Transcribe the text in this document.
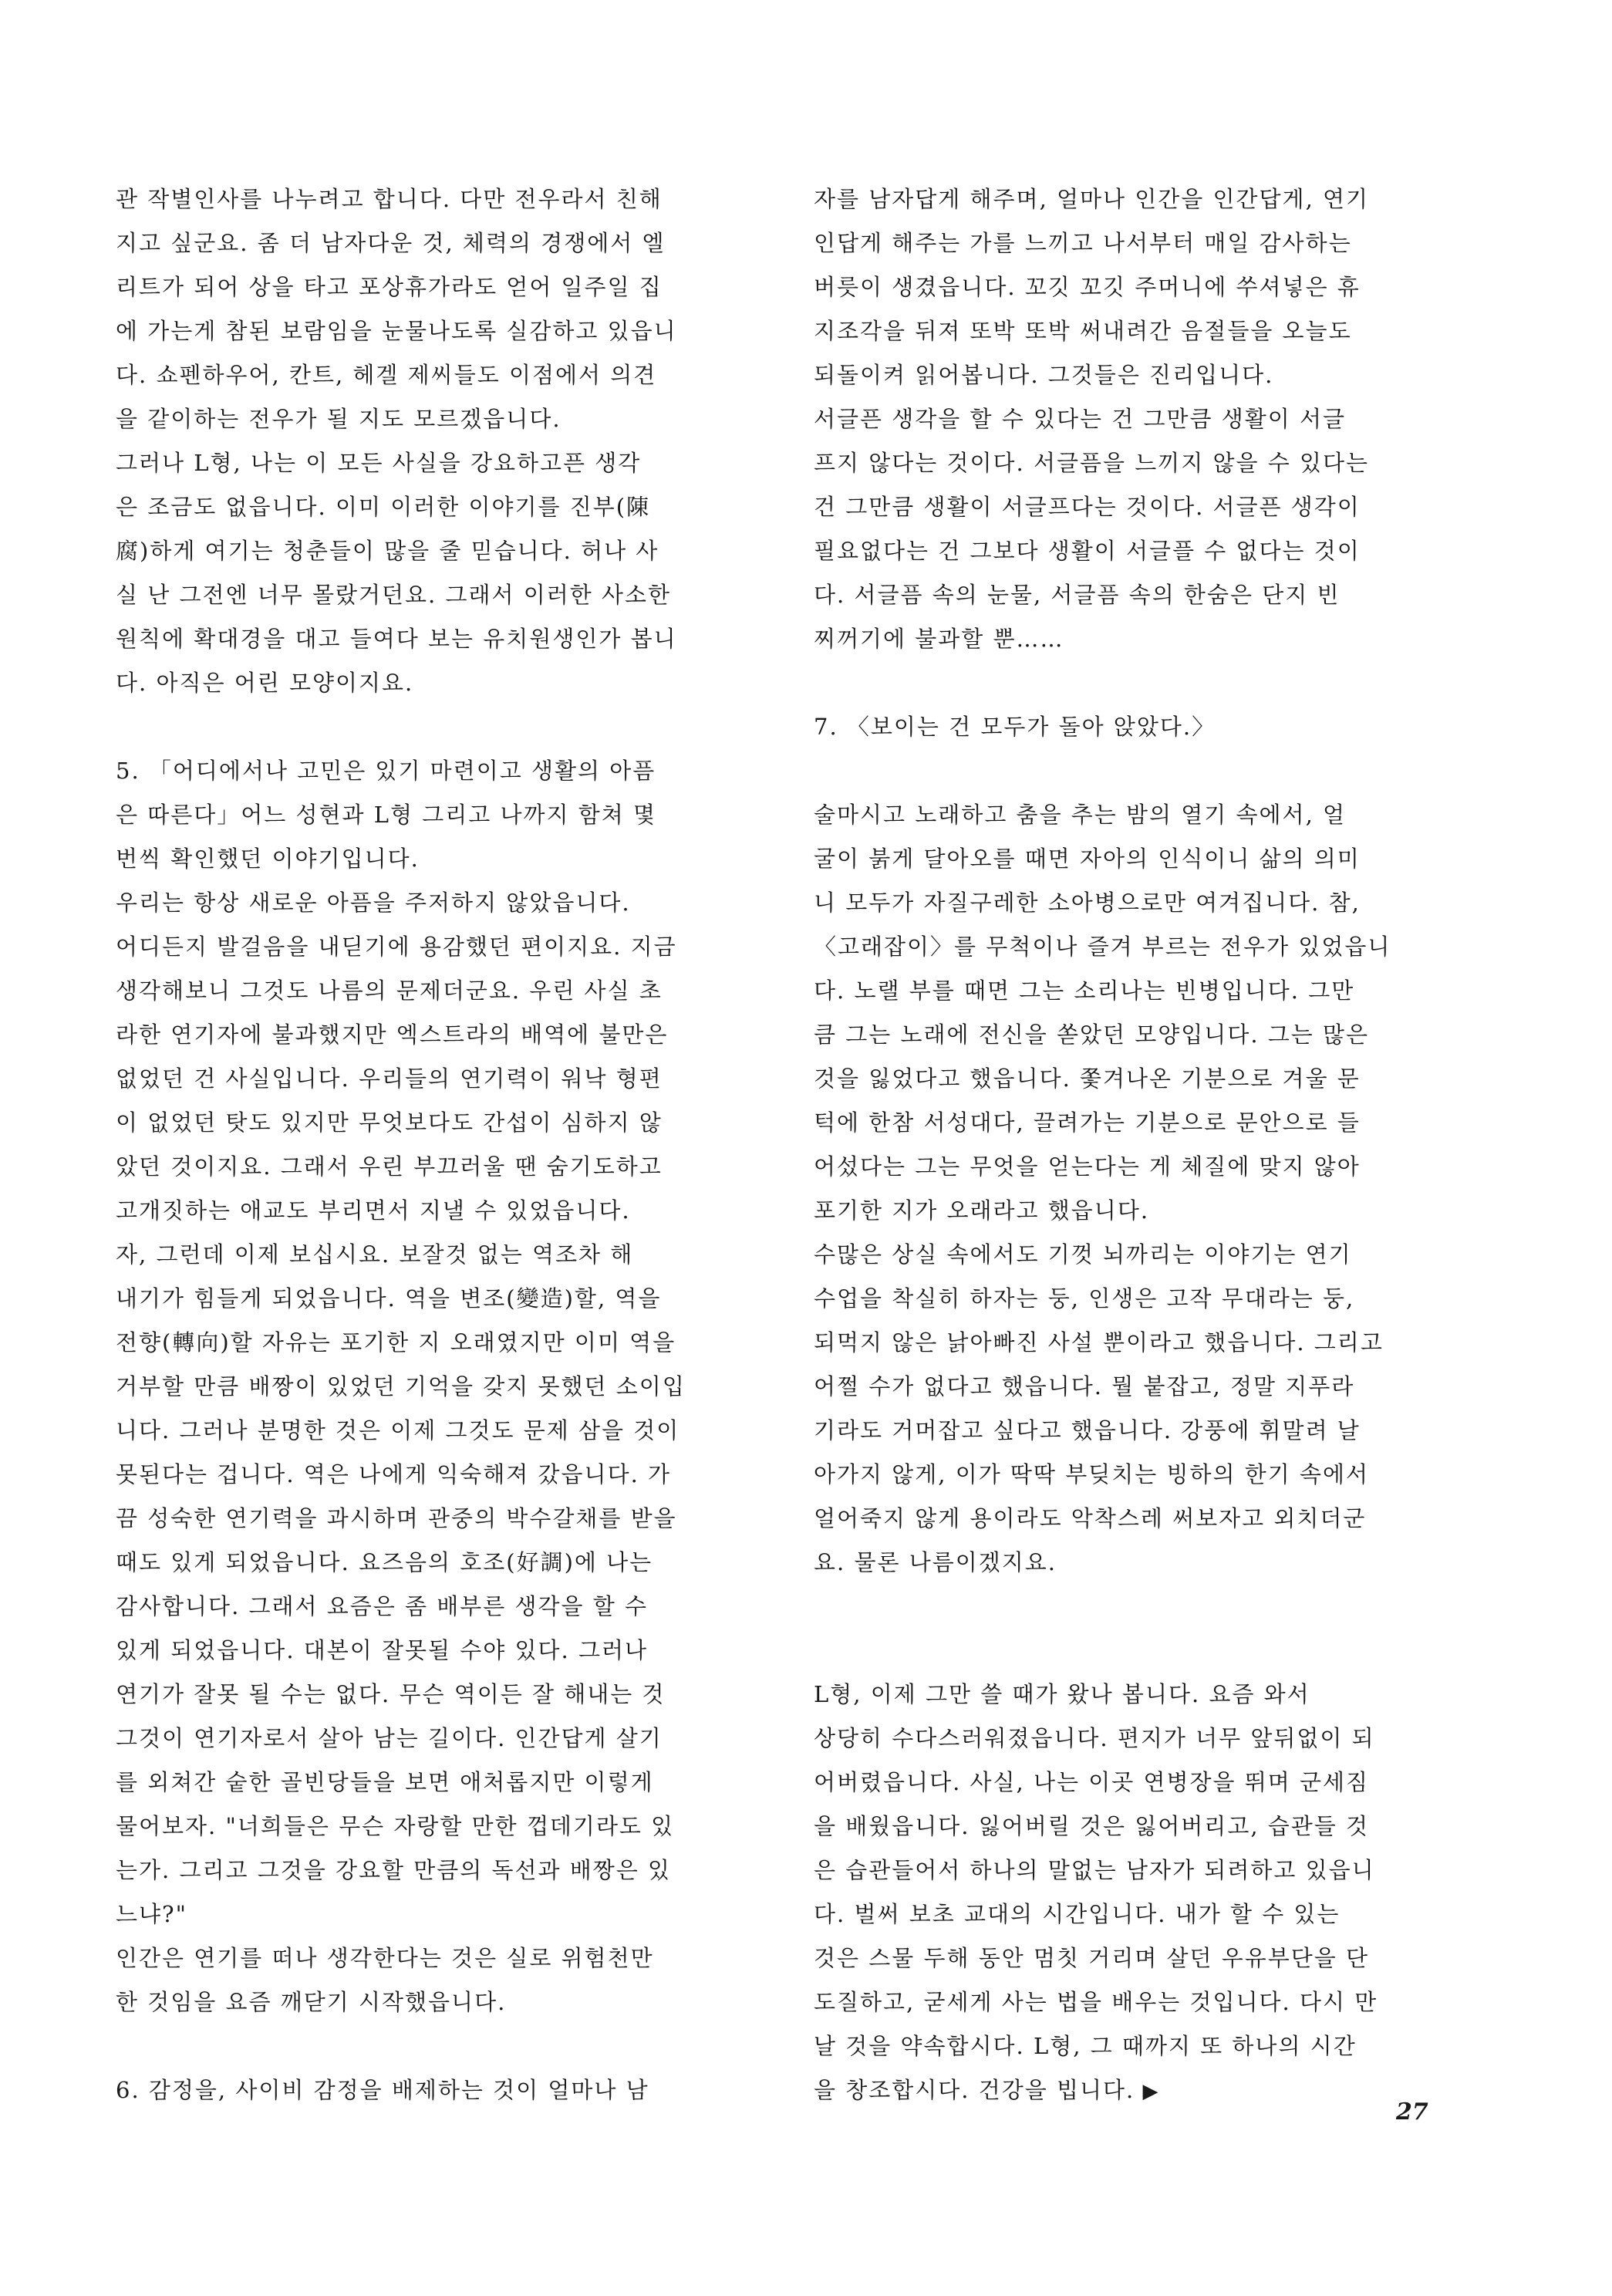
관 작별인사를 나누려고 합니다. 다만 전우라서 친해
지고 싶군요. 좀 더 남자다운 것, 체력의 경쟁에서 엘
리트가 되어 상을 타고 포상휴가라도 얻어 일주일 집
에 가는게 참된 보람임을 눈물나도록 실감하고 있읍니
다. 쇼펜하우어, 칸트, 헤겔 제씨들도 이점에서 의견
을 같이하는 전우가 될 지도 모르겠읍니다.
그러나 L형, 나는 이 모든 사실을 강요하고픈 생각
은 조금도 없읍니다. 이미 이러한 이야기를 진부(陳
腐)하게 여기는 청춘들이 많을 줄 믿습니다. 허나 사
실 난 그전엔 너무 몰랐거던요. 그래서 이러한 사소한
원칙에 확대경을 대고 들여다 보는 유치원생인가 봅니
다. 아직은 어린 모양이지요.
5. 「어디에서나 고민은 있기 마련이고 생활의 아픔
은 따른다」어느 성현과 L형 그리고 나까지 함쳐 몇
번씩 확인했던 이야기입니다.
우리는 항상 새로운 아픔을 주저하지 않았읍니다.
어디든지 발걸음을 내딛기에 용감했던 편이지요. 지금
생각해보니 그것도 나름의 문제더군요. 우린 사실 초
라한 연기자에 불과했지만 엑스트라의 배역에 불만은
없었던 건 사실입니다. 우리들의 연기력이 워낙 형편
이 없었던 탓도 있지만 무엇보다도 간섭이 심하지 않
았던 것이지요. 그래서 우린 부끄러울 땐 숨기도하고
고개짓하는 애교도 부리면서 지낼 수 있었읍니다.
자, 그런데 이제 보십시요. 보잘것 없는 역조차 해
내기가 힘들게 되었읍니다. 역을 변조(變造)할, 역을
전향(轉向)할 자유는 포기한 지 오래였지만 이미 역을
거부할 만큼 배짱이 있었던 기억을 갖지 못했던 소이입
니다. 그러나 분명한 것은 이제 그것도 문제 삼을 것이
못된다는 겁니다. 역은 나에게 익숙해져 갔읍니다. 가
끔 성숙한 연기력을 과시하며 관중의 박수갈채를 받을
때도 있게 되었읍니다. 요즈음의 호조(好調)에 나는
감사합니다. 그래서 요즘은 좀 배부른 생각을 할 수
있게 되었읍니다. 대본이 잘못될 수야 있다. 그러나
연기가 잘못 될 수는 없다. 무슨 역이든 잘 해내는 것
그것이 연기자로서 살아 남는 길이다. 인간답게 살기
를 외쳐간 숱한 골빈당들을 보면 애처롭지만 이렇게
물어보자. "너희들은 무슨 자랑할 만한 껍데기라도 있
는가. 그리고 그것을 강요할 만큼의 독선과 배짱은 있
느냐?"
인간은 연기를 떠나 생각한다는 것은 실로 위험천만
한 것임을 요즘 깨닫기 시작했읍니다.
6. 감정을, 사이비 감정을 배제하는 것이 얼마나 남
자를 남자답게 해주며, 얼마나 인간을 인간답게, 연기
인답게 해주는 가를 느끼고 나서부터 매일 감사하는
버릇이 생겼읍니다. 꼬깃 꼬깃 주머니에 쑤셔넣은 휴
지조각을 뒤져 또박 또박 써내려간 음절들을 오늘도
되돌이켜 읽어봅니다. 그것들은 진리입니다.
서글픈 생각을 할 수 있다는 건 그만큼 생활이 서글
프지 않다는 것이다. 서글픔을 느끼지 않을 수 있다는
건 그만큼 생활이 서글프다는 것이다. 서글픈 생각이
필요없다는 건 그보다 생활이 서글플 수 없다는 것이
다. 서글픔 속의 눈물, 서글픔 속의 한숨은 단지 빈
찌꺼기에 불과할 뿐……
7. 〈보이는 건 모두가 돌아 앉았다.〉
술마시고 노래하고 춤을 추는 밤의 열기 속에서, 얼
굴이 붉게 달아오를 때면 자아의 인식이니 삶의 의미
니 모두가 자질구레한 소아병으로만 여겨집니다. 참,
〈고래잡이〉를 무척이나 즐겨 부르는 전우가 있었읍니
다. 노랠 부를 때면 그는 소리나는 빈병입니다. 그만
큼 그는 노래에 전신을 쏟았던 모양입니다. 그는 많은
것을 잃었다고 했읍니다. 쫓겨나온 기분으로 겨울 문
턱에 한참 서성대다, 끌려가는 기분으로 문안으로 들
어섰다는 그는 무엇을 얻는다는 게 체질에 맞지 않아
포기한 지가 오래라고 했읍니다.
수많은 상실 속에서도 기껏 뇌까리는 이야기는 연기
수업을 착실히 하자는 둥, 인생은 고작 무대라는 둥,
되먹지 않은 낡아빠진 사설 뿐이라고 했읍니다. 그리고
어쩔 수가 없다고 했읍니다. 뭘 붙잡고, 정말 지푸라
기라도 거머잡고 싶다고 했읍니다. 강풍에 휘말려 날
아가지 않게, 이가 딱딱 부딪치는 빙하의 한기 속에서
얼어죽지 않게 용이라도 악착스레 써보자고 외치더군
요. 물론 나름이겠지요.
L형, 이제 그만 쓸 때가 왔나 봅니다. 요즘 와서
상당히 수다스러워졌읍니다. 편지가 너무 앞뒤없이 되
어버렸읍니다. 사실, 나는 이곳 연병장을 뛰며 군세짐
을 배웠읍니다. 잃어버릴 것은 잃어버리고, 습관들 것
은 습관들어서 하나의 말없는 남자가 되려하고 있읍니
다. 벌써 보초 교대의 시간입니다. 내가 할 수 있는
것은 스물 두해 동안 멈칫 거리며 살던 우유부단을 단
도질하고, 굳세게 사는 법을 배우는 것입니다. 다시 만
날 것을 약속합시다. L형, 그 때까지 또 하나의 시간
을 창조합시다. 건강을 빕니다. ▶
27
